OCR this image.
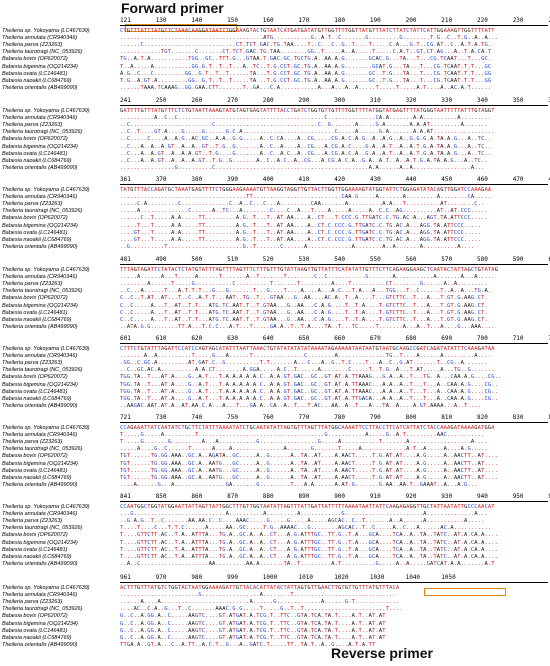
Forward primer
121	130	140	150	160	170	180	190	200	210	220	230
Theileria sp. Yokoyama (LC467639)	CTGTTTATTTATGTTCTAAACAAGGATAATTTGGAAAGTACTGTAATCATGATGATATGTTGGTTTTGGTTATGTTTATCTTATCTATTCATTGGAAAGTTGGTTTTATT
Theileria annulata (CR940346)	..........................................ATG...........G..A.T..C.......G.........G........T.G..C..T.G..A..A...
Theileria parva (Z23263)	......C...........................CT.TCT.GAC.TG.TAA....T..C...C..G..T....T.....C.A...G.T..CG.AT..C..A.T.A.TG.
Theileria taurotragi (NC_053926)	............TGT.......C.......CT.TCT.GAC.TG.TAA........GG..T.....A..A.....T.....C.A.T..GT.CT.AG...A..T.A.CA.T
Babesia bovis (OP620072)	TG..A.T.A...........TGG..GC..TTT.G...GTAA.T.GAC.GC.TGCTG.A..AA.A.G.......GCAC.G...TA...T...CG.TCAAT...T...GC.
Babesia bigemina (OQ214234)	T..A.....A...........GG.G.T..T..T...A..TC..T.G.CCT.GC.TG.A..AA.A.G........GCAT.G...TA...T...CG.TCAAT.T.T...GC
Babesia ovata (LC146481)	A.G..C...C.........GG..G.T..T..T......TA...T.G.CCT.GC.TG.A..AA.A.G.......GC..T.G...TA...T...CG.TCAAT.T.T...GG
Babesia naoakii (LC684769)	T.G..A.GT.A.........GG..G.T..T..T.....TA...T.G.CCT.GC.TG.A..AA.A.G.......GC..T.G...TA...T...CG.TCAAT.T.T...GG
Theileria orientalis (AB499090)	......TAAA.TCAAAG..GG.GAA.CTT.......T..GA...C.A...........A...A...A..A.....T.....T.....A.T....A..AC.A.T......
241	250	260	270	280	290	300	310	320	330	340	350
Theileria sp. Yokoyama (LC467639)	GATTTTGTTTATGTTTCTCTGTAATTAAAGTATGTAGTGAGTATTTTACCTGATCTGGTGTTGTTTTGGTTTTATGGTATGAGTTTTATGGGTAATTTTTATTTGTAGGT
Theileria annulata (CR940346)	..........A..C..C...........................................C..............CA.A.......A.A..........A.........
Theileria parva (Z23263)	..C........................C..............................C..G.......A.....G.A.......A.A.AT.........A.......
Theileria taurotragi (NC_053926)	..C..T....GT.A....G.....G......G.C.A...........................C.....A......G.A.......A.A.AT..................
Babesia bovis (OP620072)	..C.....C....A..A.G..AC.GC..A.A..G.G.....A..C.CA....A..CG.....CG.A.C.A.G..A..A.G..A..G.G.G.A.TA.A.G...A..TC..
Babesia bigemina (OQ214234)	..C...A..A..A.GT..A..A..GT..T.G..G.......A..C..A....A..CG...A.CG.A.C....G.A..A.T..A..A.T.G.A.TA.A.G...A..TC..
Babesia ovata (LC146481)	..C...A..A.GT..A..A.A.GT..T.G....G.......A..C..A.C..A..CG...A.CG.A.C.A..G.A..A.T..A..A.T.G.A.TA.A.G...A..TC..
Babesia naoakii (LC684769)	..C...A..A.GT..A..A..A.GT..T.G..G.......A..C..A.C..A..CG...A.CG.A.C.A..G.A..A.T..A..A.T.G.A.TA.A.G...A..TC..
Theileria orientalis (AB499090)	................G..........C.............................................A.A......A..A.................A...
361	370	380	390	400	410	420	430	440	450	460	470
Theileria sp. Yokoyama (LC467639)	TATGTTTACCAGATGCTAAATGAGTTTTCTGGGAAGAAAATGTTAAGGTAGGTTGTTACTTGGTTGGAAAAGTATGGTATTCTGGAGATATACAGTTGGATCCAAAGAA
Theileria annulata (CR940346)	.....................................TT..........................CAA.G.....A.......A.........A........CA.....
Theileria parva (Z23263)	.....C.A.........C..............C..A..C...C...A.........CAA.......A..........A.A...T..........AT........C..
Theileria taurotragi (NC_053926)	.....A..............C......A..TC...A........C....C..A...T....A.....A.....A..C.C..AG..........AT..AT.CCC.....
Babesia bovis (OP620072)	......C..T.....A.A.....TT.........A.G..T...T..AT.AA....A..CT...T.CCC.G.TTGATC.C.TG.AC.A...AGT.TA.ATTCCC.....
Babesia bigemina (OQ214234)	.....T...T.....A.A.....TT.........A.G..T...T..AT.AA....A..CT.C.CCC.G.TTGATC.C.TG.AC.A...AGG.TA.ATTCCC.....
Babesia ovata (LC146481)	....GT...T.....A.A.....TT.........A.G..T...T..AT.AA....A..CT.C.CCC.G.TTGATC.C.TG.AC.A...AGG.TA.ATTCCC.....
Babesia naoakii (LC684769)	....GT...T.....A.A.....TT.........A.G..T...T..AT.AA....A..CT.C.CCC.G.TTGATC.C.TG.AC.A...AGG.TA.ATTCCC.....
Theileria orientalis (AB499090)	..G..........T......................G..T.......C......A.............A........A..A.......A..........A....
481	490	500	510	520	530	540	550	560	570	580	590
Theileria sp. Yokoyama (LC467639)	TTTAGTAGATTCTATACTCTATGTATTTAGTTTTAGTTTCTTTGTTTGTATTAAGTTGTTATTTCATATATTGTTTCTTCAGAAGGAAGCTCAATACTATTAGCTGTATAG
Theileria annulata (CR940346)	.....A......A...T.....A......T.......A..T.......T........C..C...........G.......A...........A.......A...A.....
Theileria parva (Z23263)	........A......T.....G...........C..........T.......T.........A....T..........CT........G......A..A.........
Theileria taurotragi (NC_053926)	..C...A......T...A.T.T.T...G...G.......T...G....T....A....A...A.C...T.A...A...TGG...T..C......T..A..A...TG.A.
Babesia bovis (OP620072)	C..C..T.AT..AT...T..C..A.T.T...AAT..TG..T...GTAA...G..AA....AC.A..T..A....T...GTCTTC..T...A...T.GT.G.AAG.CT.
Babesia bigemina (OQ214234)	C..C.....A...T..AT..T.T...ATG.TC.AAT.T..T.GTAA...G..AA...C.A.G....T..T.A....T.GTCTTC..T...A...T.GT.G.AAG.CT.
Babesia ovata (LC146481)	C..C.....A...T..AT..T.T...ATG.TC.AAT.T..T.GTAA...G..AA...C.A.G....T..T.A....T.GTCTTC..T...A...T.GT.G.AAG.CT.
Babesia naoakii (LC684769)	C..C.....A...T..AT..T.T...ATG.TC.AAT.T..T.GTAA...G..AA...C.A.G....T..T.A....T.GTCTTC..T...A...T.GT.G.AAG.CT.
Theileria orientalis (AB499090)	..ATA.G.G........TT.A...T.C.C...A.T...T.....GA.A..T..T.A....TA..T...TC.....T.......A...A..T...A....G...AAA....
601	610	620	630	640	650	660	670	680	690	700	710
Theileria sp. Yokoyama (LC467639)	CTTTCTGTATTTAGATTCCATCCAGTAGCATATTTAATTAAACTGTATATATATATAAAATAGAAAAATAATAATGTAATGCAAGCCGATCAGATATATTTCAAAGATAA
Theileria annulata (CR940346)	.......A..A..........T.....G...A......T...............C........A..............TG..T....A......A.........A....
Theileria parva (Z23263)	.GG..C.GC.A.........AT.GAT.C..G..........T.T.......A...C...A..G..T.C....T...A..C..G.AT.......T..CG..A.......
Theileria taurotragi (NC_053926)	..C..GC.AC.A..........A.A.CT........A.GGA.....A.C..T......A........C.....T..T.G..A...T.AT.....A...TG..G.......
Babesia bovis (OP620072)	TGG.TA..T...AT.A....G..A.T...T.A.A.A.A.A.C..A.A.GT.GAC..GC..GT.AT.A.TTAAAG...G.A..A..T...TG..A...CAA.A.G....CG..
Babesia bigemina (OQ214234)	TGG.TA..T...AT.A....G..A.T...T.A.A.A.A.A.C..A.A.GT.GAC..GC..GT.AT.A.TTAAAC...A.A..A..T...T...A..CAA.A.G....CG..
Babesia ovata (LC146481)	TGG.TA..T...AT.A....G..A.T...T.A.A.A.A.A.C..A.A.GT.GAC..GC..GT.AT.A.TTAAAC...A.A..A..T...T...A..CAA.A.G....CG..
Babesia naoakii (LC684769)	TGG.TA..T...AT.A....G..A.T...T.A.A.A.A.A.C..A.A.GT.GAC..GC..GT.AT.A.TTGACA...A.A..A..T...T...A..CAA.A.G....CG..
Theileria orientalis (AB499090)	..AAGAC.AAT.AT.A..AT.AA.C.A...A...T...GA.A..CA..A..T...T.AC...AA..A..T...A...TA..A....A.GT.AAAA...A..T....
721	730	740	750	760	770	780	790	800	810	820	830
Theileria sp. Yokoyama (LC467639)	CCAGAAATTATCAATATCTGCTTCTATTTAAAATATCTGCAATATATTAGTGTTTAGTTTATGGCAAAATTCCTTACCTTCATCATTATCTACCAAAGATAAAAGATGGA
Theileria annulata (CR940346)	T.....G.....A.........T.....................................G...........A.....G..A.T.........AAC...........
Theileria parva (Z23263)	T.....G.......G.........A...A...........G.................G.....A...........T.......A..................A....
Theileria taurotragi (NC_053926)	.....A....G..C......T......A....A...............A.......G.......T.....A.............A.T..A.....A....A.G.....
Babesia bovis (OP620072)	TGT......TG.GG.AAA..GC.A..AGATA..GC.....A..G......A..TA..AT....A.AACT.....T.G.AT.AT....A.G.....A..AACTT..AT....
Babesia bigemina (OQ214234)	TGT......TG.GG.AAA..GC.A..AATG...GC.....A..G......A..TA..AT....A.AACT.....T.G.AT.AT....A.G.....A..AACTT..AT....
Babesia ovata (LC146481)	TGT......TG.GG.AAA..GC.A..AATG...GC.....A..G......A..TA..AT....A.AACT.....T.G.AT.AT....A.G.....A..AACTT..AT....
Babesia naoakii (LC684769)	TGT......TG.GG.AAA..GC.A..AATG...GC.....A..G......A..TA..AT....A.AACT.....T.G.AT.AT....A.G.....A..AACTT..AT....
Theileria orientalis (AB499090)	....A......G...A...............GA.......G.........T...A.A......A.AT.G.......G.AA..AA.T..GAAAT..A...A.G...
841	850	860	870	880	890	900	910	920	930	940	950
Theileria sp. Yokoyama (LC467639)	CCAATGGCTGGTATGGAATTATTAGTTATTGGCTTTGTTGGTAATATTAGTTTATTGATTATTTTTAAAATAATTATTCAAGAGAGGTTGCTATTAATATTGCCCAACAT
Theileria annulata (CR940346)	...G...........................A..........A.........A............G.......................A..............A...
Theileria parva (Z23263)	..G.A.G..T..C.......AA.AA.C..C....AAAC.....G.....G.....A.....AGCAC..C..T.......A..A......A...........A.....
Theileria taurotragi (NC_053926)	T....T....C...T.T.C......A.....AA..GC.....T.G..AAAAC...G........AGCAC..T..C.....A..C...A......AC.A...........
Babesia bovis (OP620072)	T....GTTCTT.AC..T.A..ATTTA...TG.A..GC.A..A..CT...A.G.ATTTGC..TT.G..T.A...GCA....TCA..A..TA..TATC..AT.A.CA.A....
Babesia bigemina (OQ214234)	T....GTTCTT.AC..T.A..ATTTA...TG.A..GC.A..A..CT...A.G.ATTTGC..TT.G..T.A...GCA....TCA..A..TA..TATC..AT.A.CA.A....
Babesia ovata (LC146481)	T....GTTCTT.AC..T.A..ATTTA...TG.A..GC.A..A..CT...A.G.ATTTGC..TT.G..T.A...GCA....TCA..A..TA..TATC..AT.A.CA.A....
Babesia naoakii (LC684769)	T....GTTCTT.AC..T.A..ATTTA...TG.A..GC.A..A..CT...A.G.ATTTGC..TT.G..T.A...GCA....TCA..A..TA..TATC..AT.A.CA.A....
Theileria orientalis (AB499090)	..A..C....................AA.........AA.A.......TA..T.........A.T..........G.....A..A.....GATCAT.A.A.......A.T
961	970	980	990	1000	1010	1020	1030	1040	1050
Theileria sp. Yokoyama (LC467639)	ACTTTGTTTATGTCTGGTACTAATGGAAAAGATTGTTACACATTATACTATTAGTGTTGAACTTGTGTTGTTTATGTTTACA
Theileria annulata (CR940346)	.......................G.................A........T..............................
Theileria parva (Z23263)	......A....A..........................A......G.............A......G.T.............
Theileria taurotragi (NC_053926)	....AC..C.A..G...T..C.......AAAC.G.G.....T.....G..T..T........................T....
Babesia bovis (OP620072)	G..C..A.GG.A..C.....AAGTC....GT.ATGAT.A.TCG.T..TTC..GTA.TCA.TA.T....A.T..AT.AT
Babesia bigemina (OQ214234)	G..C..A.GG.A..C.....AAGTC....GT.ATGAT.A.TCG.T..TTC..GTA.TCA.TA.T....A.T..AT.AT
Babesia ovata (LC146481)	G..C..A.GG.A..C.....AAGTC....GT.ATGAT.A.TCG.T..TTC..GTA.TCA.TA.T....A.T..AT.AT
Babesia naoakii (LC684769)	G..C..A.GG.A..C.....AAGTC....GT.ATGAT.A.TCG.T..TTC..GTA.TCA.TA.T....A.T..AT.AT
Theileria orientalis (AB499090)	TTGA.A..GT.A...C..A.TT..A.C.T..G...A..GATC.T.....TT..TA.T..A..G....A.T.A.TT
Reverse primer
